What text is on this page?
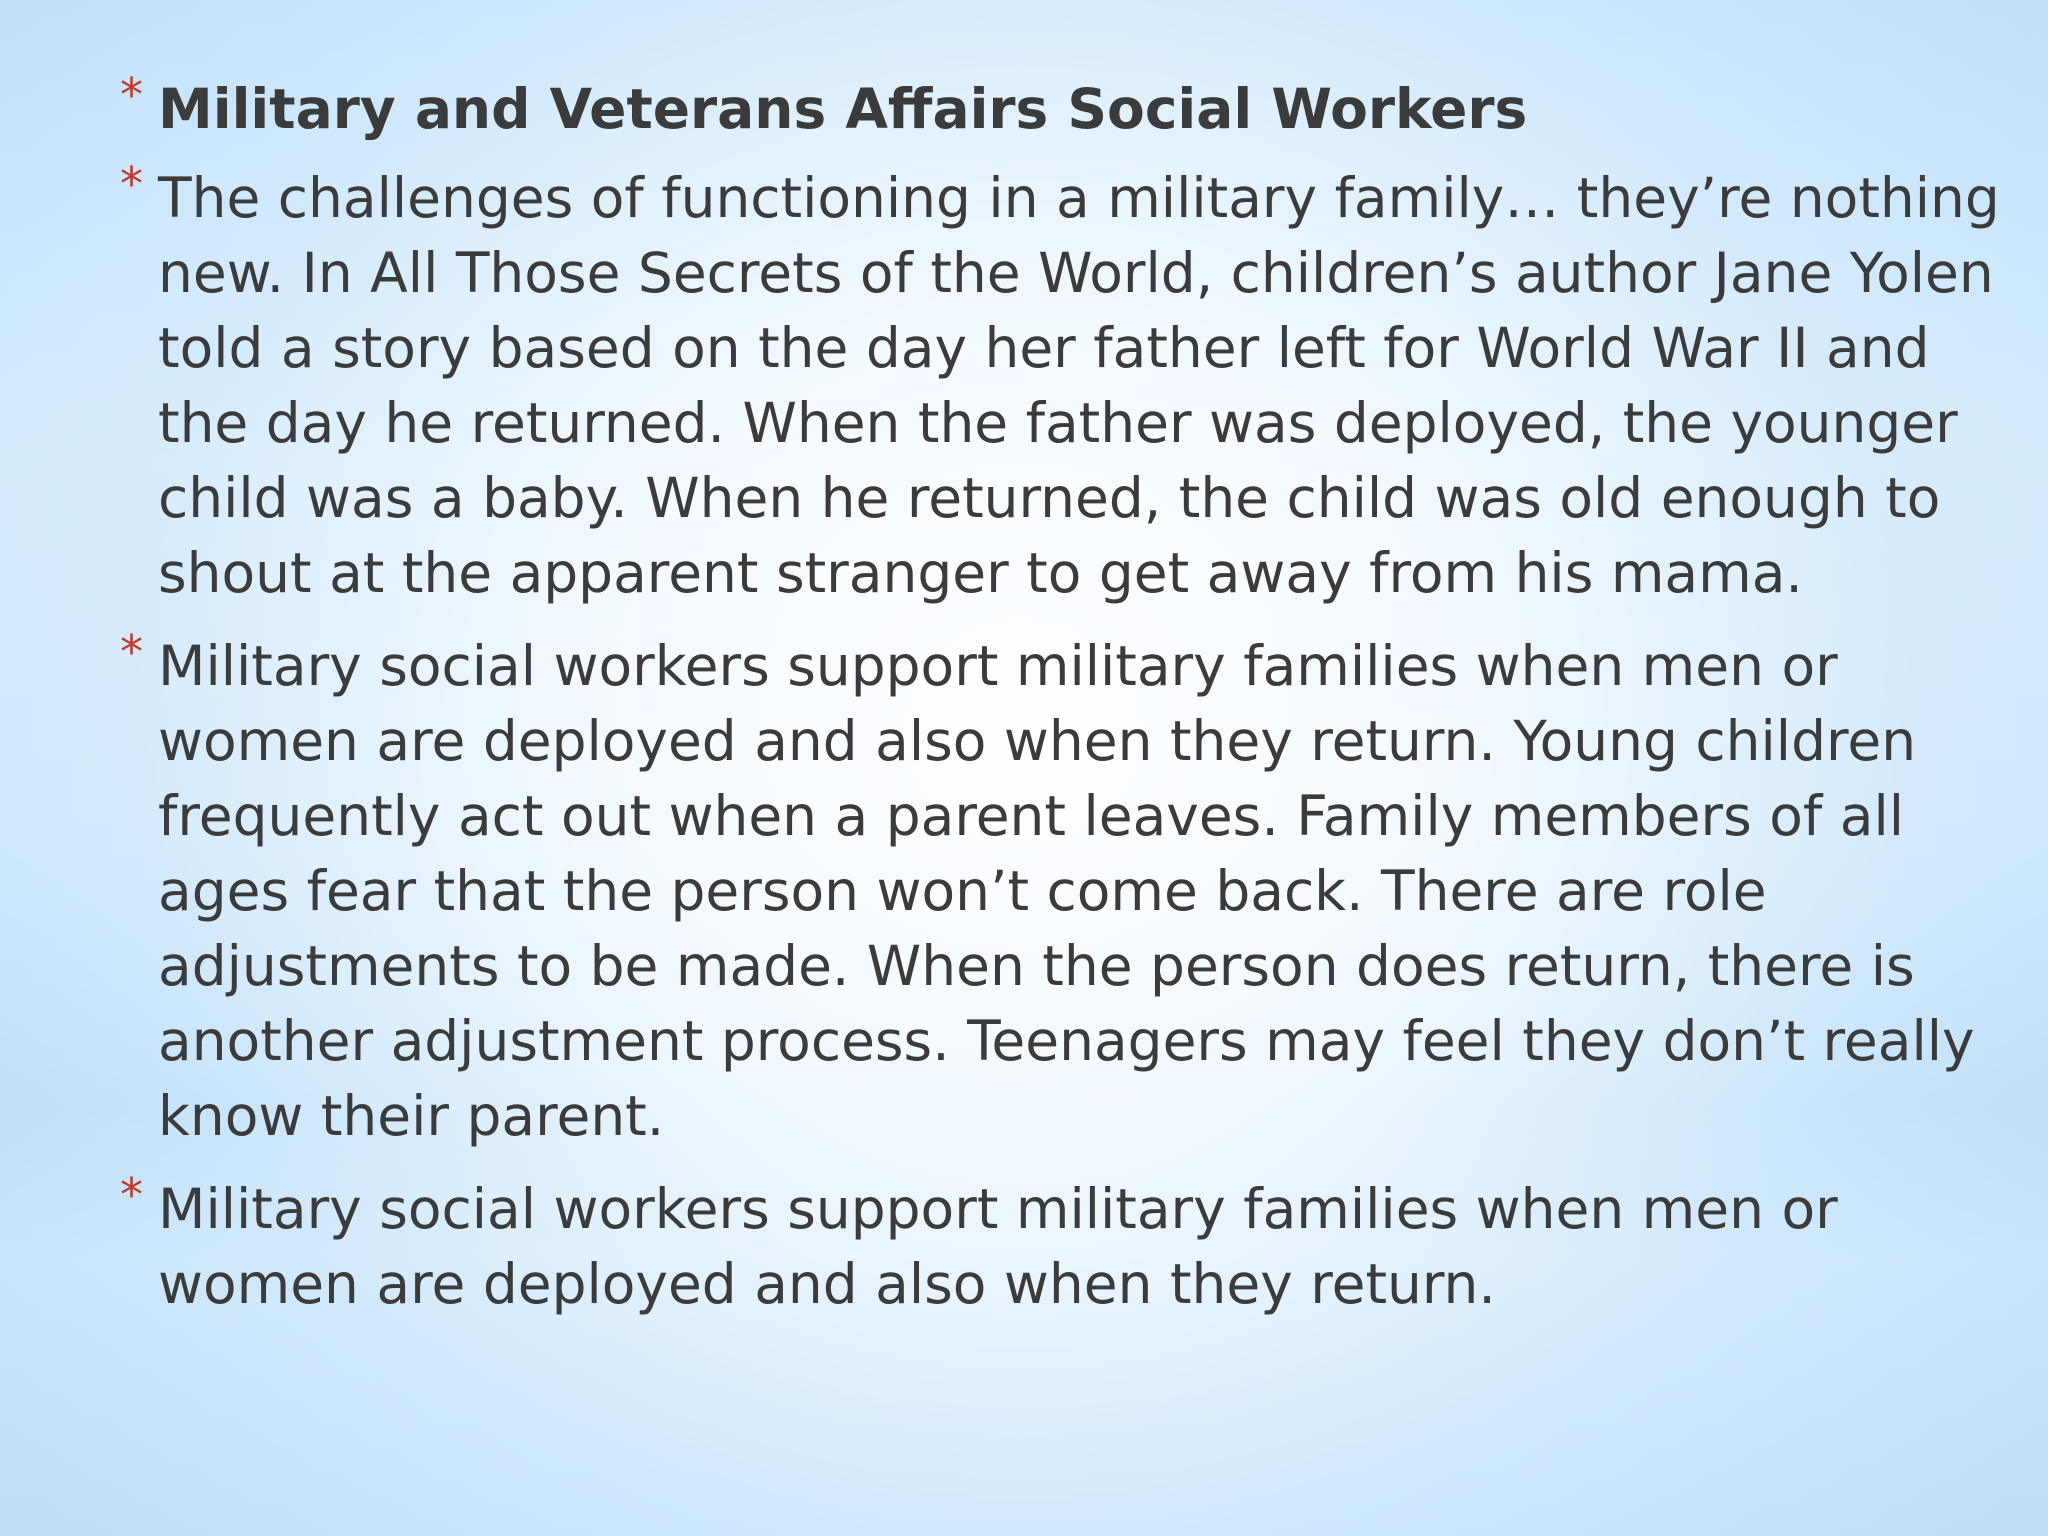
* Military and Veterans Affairs Social Workers
* The challenges of functioning in a military family… they’re nothing new. In All Those Secrets of the World, children’s author Jane Yolen told a story based on the day her father left for World War II and the day he returned. When the father was deployed, the younger child was a baby. When he returned, the child was old enough to shout at the apparent stranger to get away from his mama.
* Military social workers support military families when men or women are deployed and also when they return. Young children frequently act out when a parent leaves. Family members of all ages fear that the person won’t come back. There are role adjustments to be made. When the person does return, there is another adjustment process. Teenagers may feel they don’t really know their parent.
* Military social workers support military families when men or women are deployed and also when they return.
